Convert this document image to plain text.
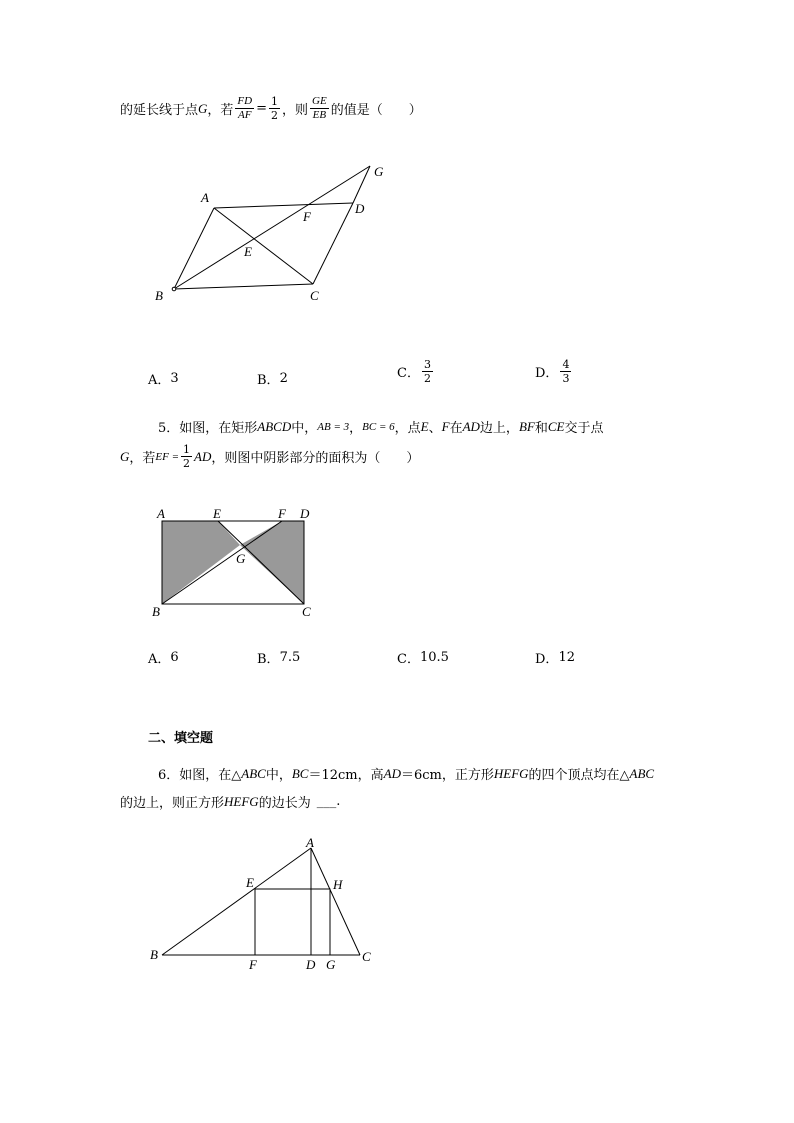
的延长线于点 G ，若 $\frac{FD}{AF} = \frac{1}{2}$ ，则 $\frac{GE}{EB}$ 的值是（　　）
A
B	C
D
E
F
G
A． 3	B． 2	C． $\frac{3}{2}$	D． $\frac{4}{3}$
5．如图，在矩形 ABCD 中， AB = 3 ， BC = 6 ，点 E 、 F 在 AD 边上， BF 和 CE 交于点
G ，若 EF = $\frac{1}{2}$ AD ，则图中阴影部分的面积为（　　）
A	E	F D
G
B	C
A． 6	B． 7.5	C． 10.5	D． 12
二、填空题
6．如图，在△ ABC 中， BC ＝12cm，高 AD ＝6cm，正方形 HEFG 的四个顶点均在△ ABC
的边上，则正方形 HEFG 的边长为 ___ .
A
E	H
B
F	D G
C
